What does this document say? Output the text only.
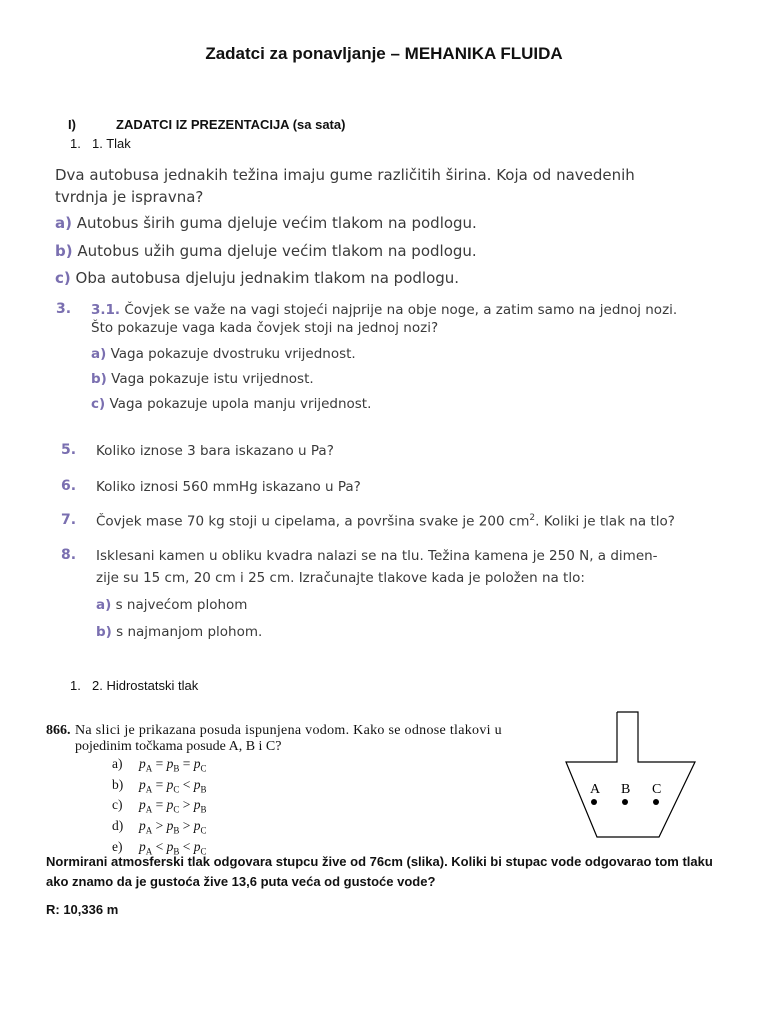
Zadatci za ponavljanje – MEHANIKA FLUIDA
I)	ZADATCI IZ PREZENTACIJA (sa sata)
1. 1. Tlak
Dva autobusa jednakih težina imaju gume različitih širina. Koja od navedenih
tvrdnja je ispravna?
a) Autobus širih guma djeluje većim tlakom na podlogu.
b) Autobus užih guma djeluje većim tlakom na podlogu.
c) Oba autobusa djeluju jednakim tlakom na podlogu.
3. 3.1. Čovjek se važe na vagi stojeći najprije na obje noge, a zatim samo na jednoj nozi.
Što pokazuje vaga kada čovjek stoji na jednoj nozi?
a) Vaga pokazuje dvostruku vrijednost.
b) Vaga pokazuje istu vrijednost.
c) Vaga pokazuje upola manju vrijednost.
5. Koliko iznose 3 bara iskazano u Pa?
6. Koliko iznosi 560 mmHg iskazano u Pa?
7. Čovjek mase 70 kg stoji u cipelama, a površina svake je 200 $cm^2$. Koliki je tlak na tlo?
8. Isklesani kamen u obliku kvadra nalazi se na tlu. Težina kamena je 250 N, a dimen-
zije su 15 cm, 20 cm i 25 cm. Izračunajte tlakove kada je položen na tlo:
a) s najvećom plohom
b) s najmanjom plohom.
1. 2. Hidrostatski tlak
866. Na slici je prikazana posuda ispunjena vodom. Kako se odnose tlakovi u
pojedinim točkama posude A, B i C?
a) $p_A = p_B = p_C$
b) $p_A = p_C < p_B$
c) $p_A = p_C > p_B$
d) $p_A > p_B > p_C$
e) $p_A < p_B < p_C$
A B C
Normirani atmosferski tlak odgovara stupcu žive od 76cm (slika). Koliki bi stupac vode odgovarao tom tlaku
ako znamo da je gustoća žive 13,6 puta veća od gustoće vode?
R: 10,336 m
